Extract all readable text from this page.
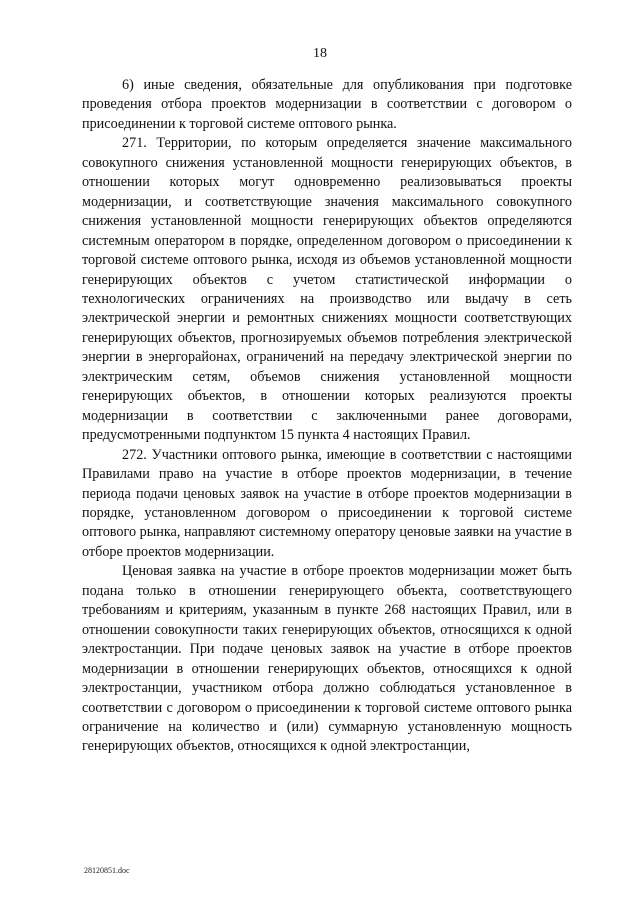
18

6) иные сведения, обязательные для опубликования при подготовке проведения отбора проектов модернизации в соответствии с договором о присоединении к торговой системе оптового рынка.

271. Территории, по которым определяется значение максимального совокупного снижения установленной мощности генерирующих объектов, в отношении которых могут одновременно реализовываться проекты модернизации, и соответствующие значения максимального совокупного снижения установленной мощности генерирующих объектов определяются системным оператором в порядке, определенном договором о присоединении к торговой системе оптового рынка, исходя из объемов установленной мощности генерирующих объектов с учетом статистической информации о технологических ограничениях на производство или выдачу в сеть электрической энергии и ремонтных снижениях мощности соответствующих генерирующих объектов, прогнозируемых объемов потребления электрической энергии в энергорайонах, ограничений на передачу электрической энергии по электрическим сетям, объемов снижения установленной мощности генерирующих объектов, в отношении которых реализуются проекты модернизации в соответствии с заключенными ранее договорами, предусмотренными подпунктом 15 пункта 4 настоящих Правил.

272. Участники оптового рынка, имеющие в соответствии с настоящими Правилами право на участие в отборе проектов модернизации, в течение периода подачи ценовых заявок на участие в отборе проектов модернизации в порядке, установленном договором о присоединении к торговой системе оптового рынка, направляют системному оператору ценовые заявки на участие в отборе проектов модернизации.

Ценовая заявка на участие в отборе проектов модернизации может быть подана только в отношении генерирующего объекта, соответствующего требованиям и критериям, указанным в пункте 268 настоящих Правил, или в отношении совокупности таких генерирующих объектов, относящихся к одной электростанции. При подаче ценовых заявок на участие в отборе проектов модернизации в отношении генерирующих объектов, относящихся к одной электростанции, участником отбора должно соблюдаться установленное в соответствии с договором о присоединении к торговой системе оптового рынка ограничение на количество и (или) суммарную установленную мощность генерирующих объектов, относящихся к одной электростанции,

28120851.doc
